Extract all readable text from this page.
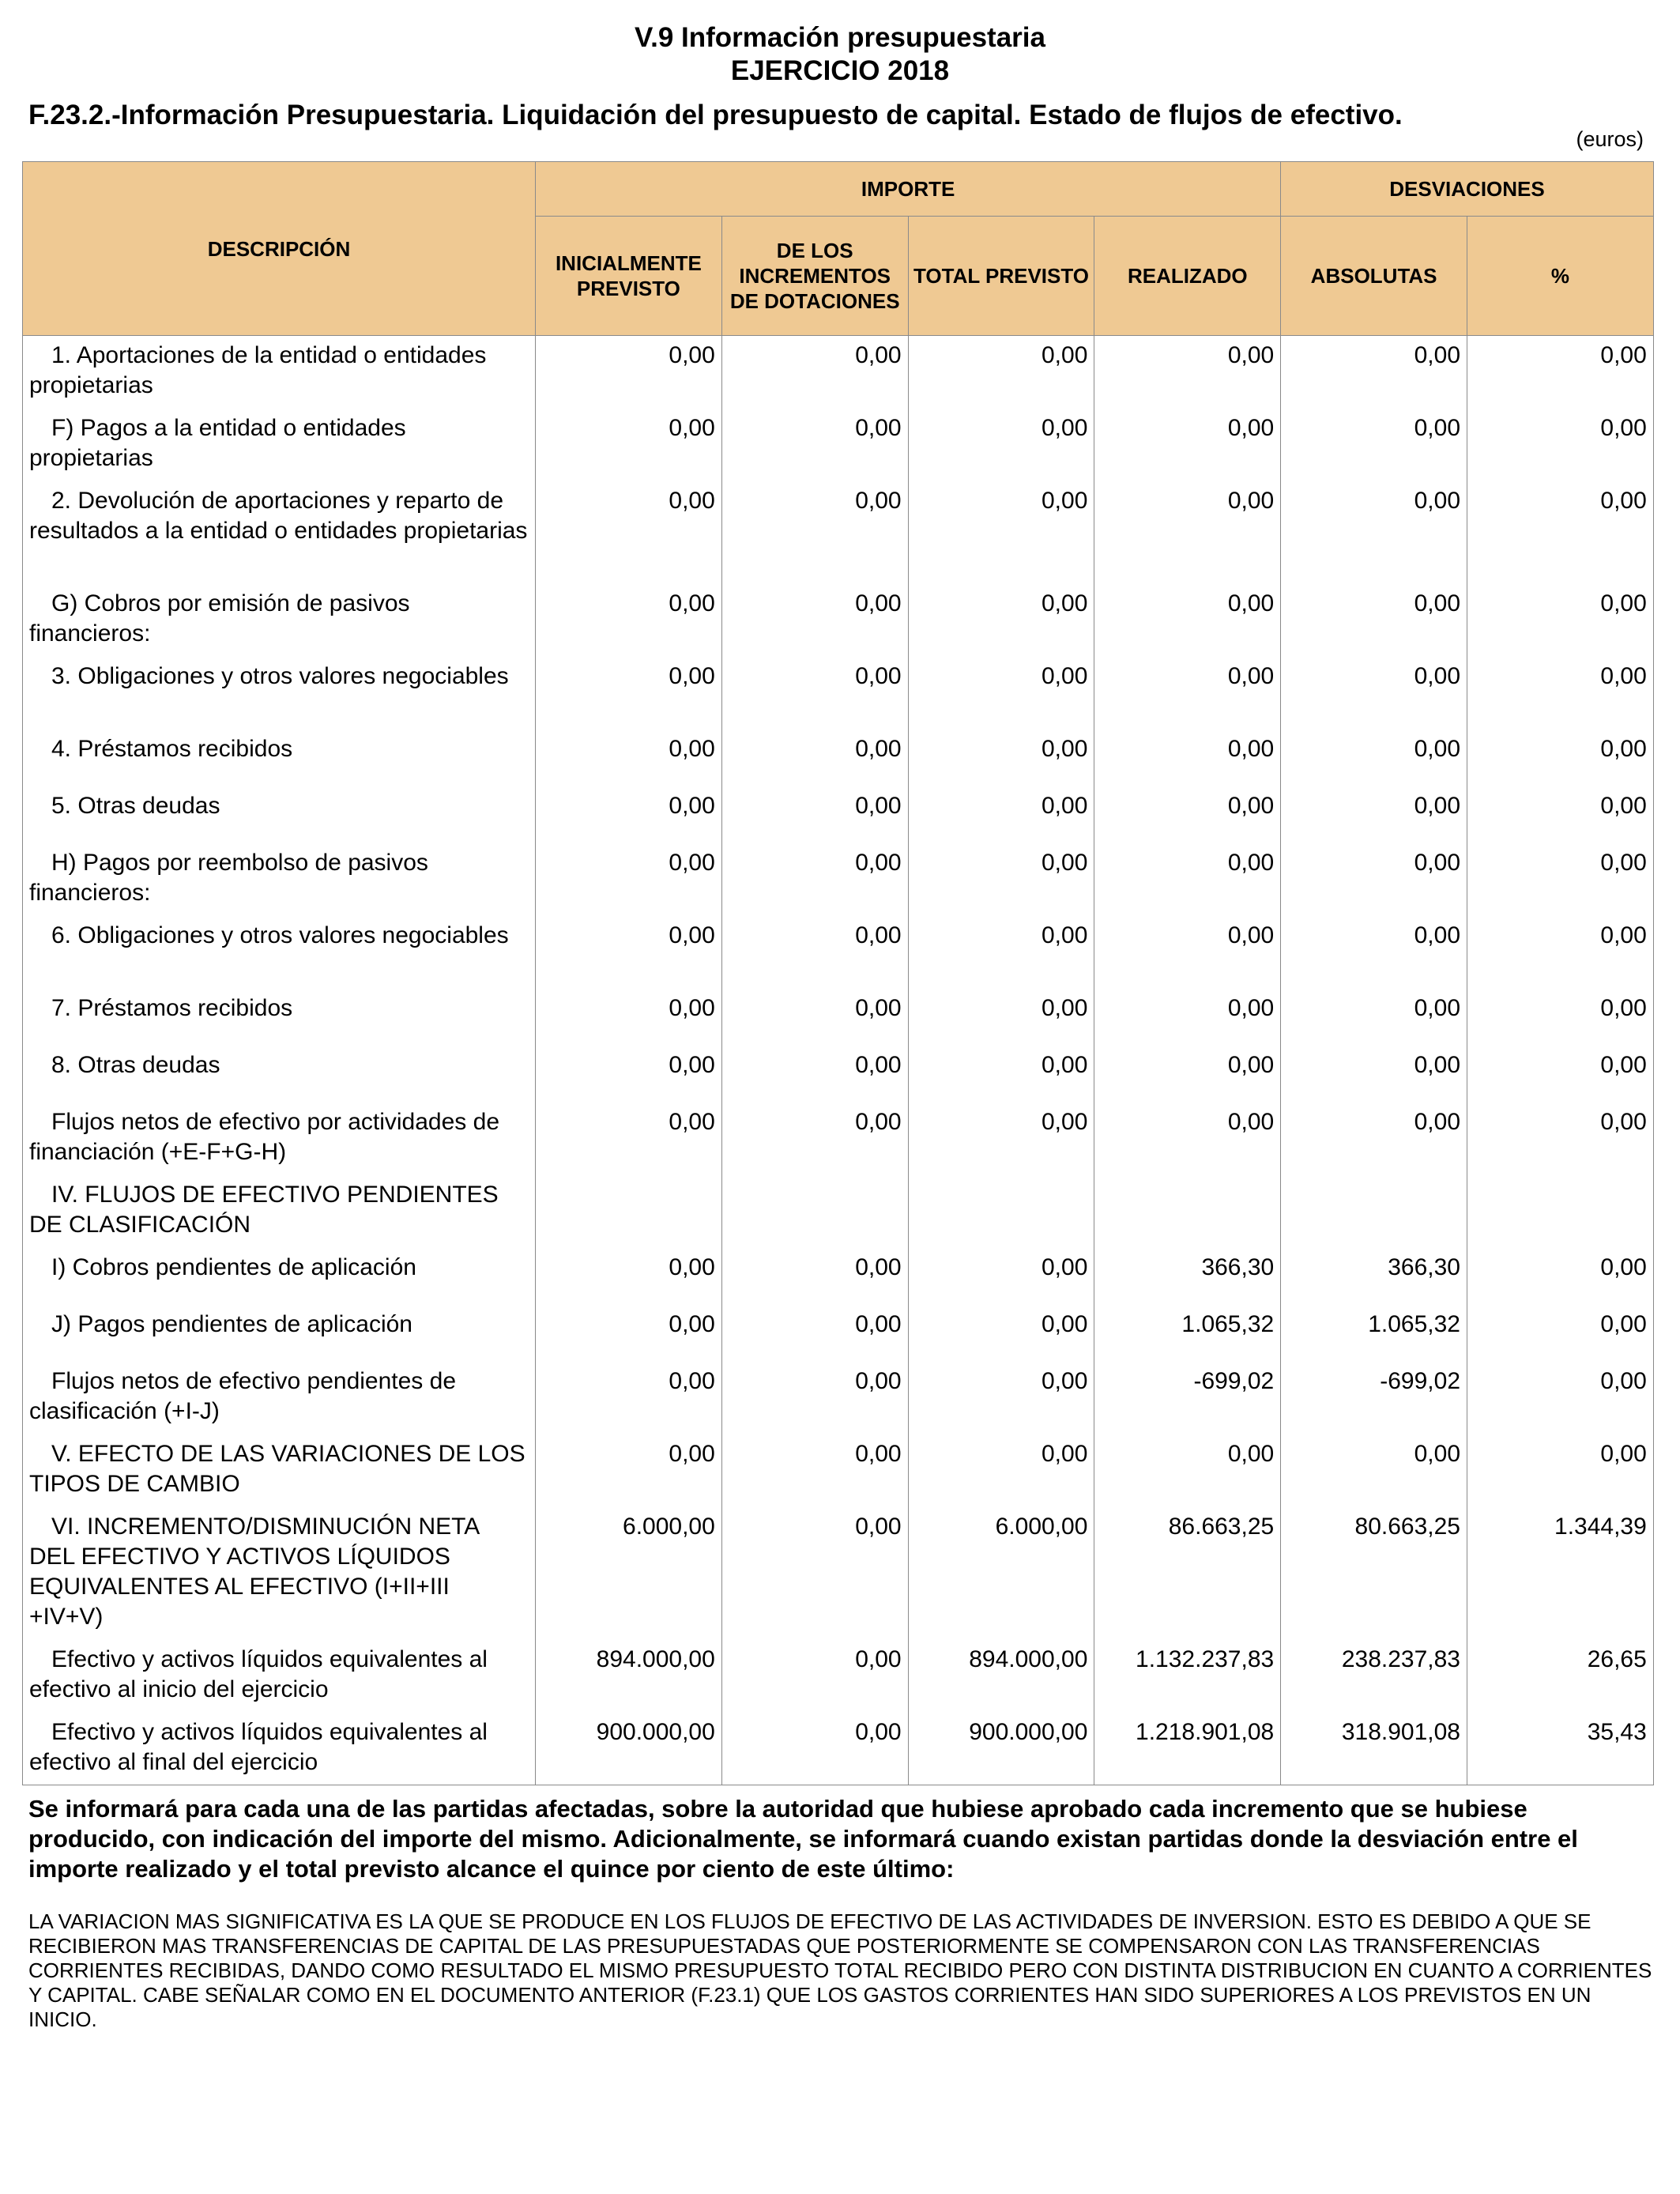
V.9 Información presupuestaria
EJERCICIO 2018
F.23.2.-Información Presupuestaria. Liquidación del presupuesto de capital. Estado de flujos de efectivo.
(euros)
DESCRIPCIÓN	IMPORTE				DESVIACIONES	
	INICIALMENTE PREVISTO	DE LOS INCREMENTOS DE DOTACIONES	TOTAL PREVISTO	REALIZADO	ABSOLUTAS	%
1. Aportaciones de la entidad o entidades propietarias	0,00	0,00	0,00	0,00	0,00	0,00
F) Pagos a la entidad o entidades propietarias	0,00	0,00	0,00	0,00	0,00	0,00
2. Devolución de aportaciones y reparto de resultados a la entidad o entidades propietarias	0,00	0,00	0,00	0,00	0,00	0,00
G) Cobros por emisión de pasivos financieros:	0,00	0,00	0,00	0,00	0,00	0,00
3. Obligaciones y otros valores negociables	0,00	0,00	0,00	0,00	0,00	0,00
4. Préstamos recibidos	0,00	0,00	0,00	0,00	0,00	0,00
5. Otras deudas	0,00	0,00	0,00	0,00	0,00	0,00
H) Pagos por reembolso de pasivos financieros:	0,00	0,00	0,00	0,00	0,00	0,00
6. Obligaciones y otros valores negociables	0,00	0,00	0,00	0,00	0,00	0,00
7. Préstamos recibidos	0,00	0,00	0,00	0,00	0,00	0,00
8. Otras deudas	0,00	0,00	0,00	0,00	0,00	0,00
Flujos netos de efectivo por actividades de financiación (+E-F+G-H)	0,00	0,00	0,00	0,00	0,00	0,00
IV. FLUJOS DE EFECTIVO PENDIENTES DE CLASIFICACIÓN						
I) Cobros pendientes de aplicación	0,00	0,00	0,00	366,30	366,30	0,00
J) Pagos pendientes de aplicación	0,00	0,00	0,00	1.065,32	1.065,32	0,00
Flujos netos de efectivo pendientes de clasificación (+I-J)	0,00	0,00	0,00	-699,02	-699,02	0,00
V. EFECTO DE LAS VARIACIONES DE LOS TIPOS DE CAMBIO	0,00	0,00	0,00	0,00	0,00	0,00
VI. INCREMENTO/DISMINUCIÓN NETA DEL EFECTIVO Y ACTIVOS LÍQUIDOS EQUIVALENTES AL EFECTIVO (I+II+III +IV+V)	6.000,00	0,00	6.000,00	86.663,25	80.663,25	1.344,39
Efectivo y activos líquidos equivalentes al efectivo al inicio del ejercicio	894.000,00	0,00	894.000,00	1.132.237,83	238.237,83	26,65
Efectivo y activos líquidos equivalentes al efectivo al final del ejercicio	900.000,00	0,00	900.000,00	1.218.901,08	318.901,08	35,43
Se informará para cada una de las partidas afectadas, sobre la autoridad que hubiese aprobado cada incremento que se hubiese producido, con indicación del importe del mismo. Adicionalmente, se informará cuando existan partidas donde la desviación entre el importe realizado y el total previsto alcance el quince por ciento de este último:
LA VARIACION MAS SIGNIFICATIVA ES LA QUE SE PRODUCE EN LOS FLUJOS DE EFECTIVO DE LAS ACTIVIDADES DE INVERSION. ESTO ES DEBIDO A QUE SE RECIBIERON MAS TRANSFERENCIAS DE CAPITAL DE LAS PRESUPUESTADAS QUE POSTERIORMENTE SE COMPENSARON CON LAS TRANSFERENCIAS CORRIENTES RECIBIDAS, DANDO COMO RESULTADO EL MISMO PRESUPUESTO TOTAL RECIBIDO PERO CON DISTINTA DISTRIBUCION EN CUANTO A CORRIENTES Y CAPITAL. CABE SEÑALAR COMO EN EL DOCUMENTO ANTERIOR (F.23.1) QUE LOS GASTOS CORRIENTES HAN SIDO SUPERIORES A LOS PREVISTOS EN UN INICIO.
